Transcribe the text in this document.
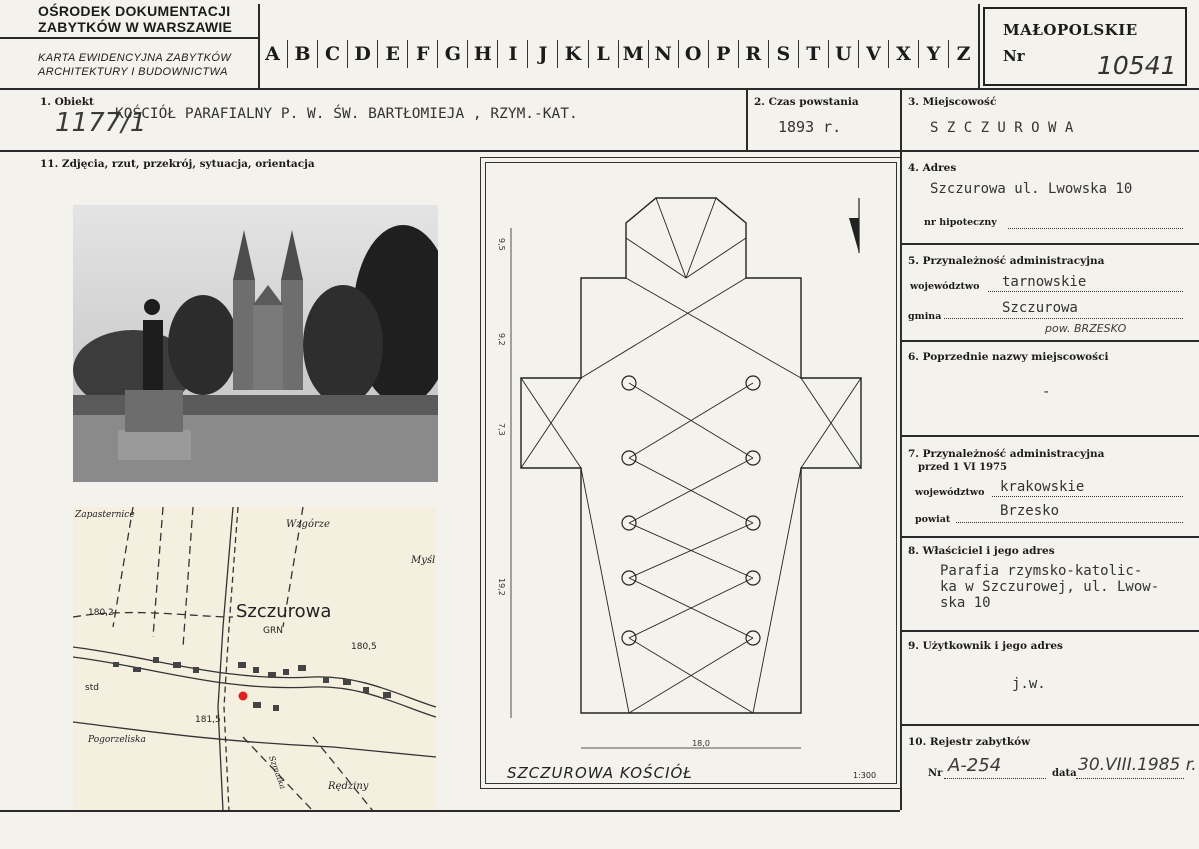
OŚRODEK DOKUMENTACJI
ZABYTKÓW W WARSZAWIE
KARTA EWIDENCYJNA ZABYTKÓW
ARCHITEKTURY I BUDOWNICTWA
A B C D E F G H I	J K L M N O P R S T U V X Y Z
MAŁOPOLSKIE
Nr	10541
1. Obiekt
1177/1
KOŚCIÓŁ PARAFIALNY P. W. ŚW. BARTŁOMIEJA , RZYM.-KAT.
2. Czas powstania
1893 r.
3. Miejscowość
S Z C Z U R O W A
11. Zdjęcia, rzut, przekrój, sytuacja, orientacja
Szczurowa
Zapasternice
Wzgórze
Myśl
180,2
GRN
180,5
std
181,5
Pogorzeliska
Rędziny
Szmatka
18,0
9,5
9,2
7,3
19,2
SZCZUROWA KOŚCIÓŁ	1:300
4. Adres
Szczurowa ul. Lwowska 10
nr hipoteczny
5. Przynależność administracyjna
województwo tarnowskie
gmina
Szczurowa
pow. BRZESKO
6. Poprzednie nazwy miejscowości
-
7. Przynależność administracyjna
przed 1 VI 1975
województwo krakowskie
powiat
Brzesko
8. Właściciel i jego adres
Parafia rzymsko-katolic-
ka w Szczurowej, ul. Lwow-
ska 10
9. Użytkownik i jego adres
j.w.
10. Rejestr zabytków
Nr A-254	data 30.VIII.1985 r.
